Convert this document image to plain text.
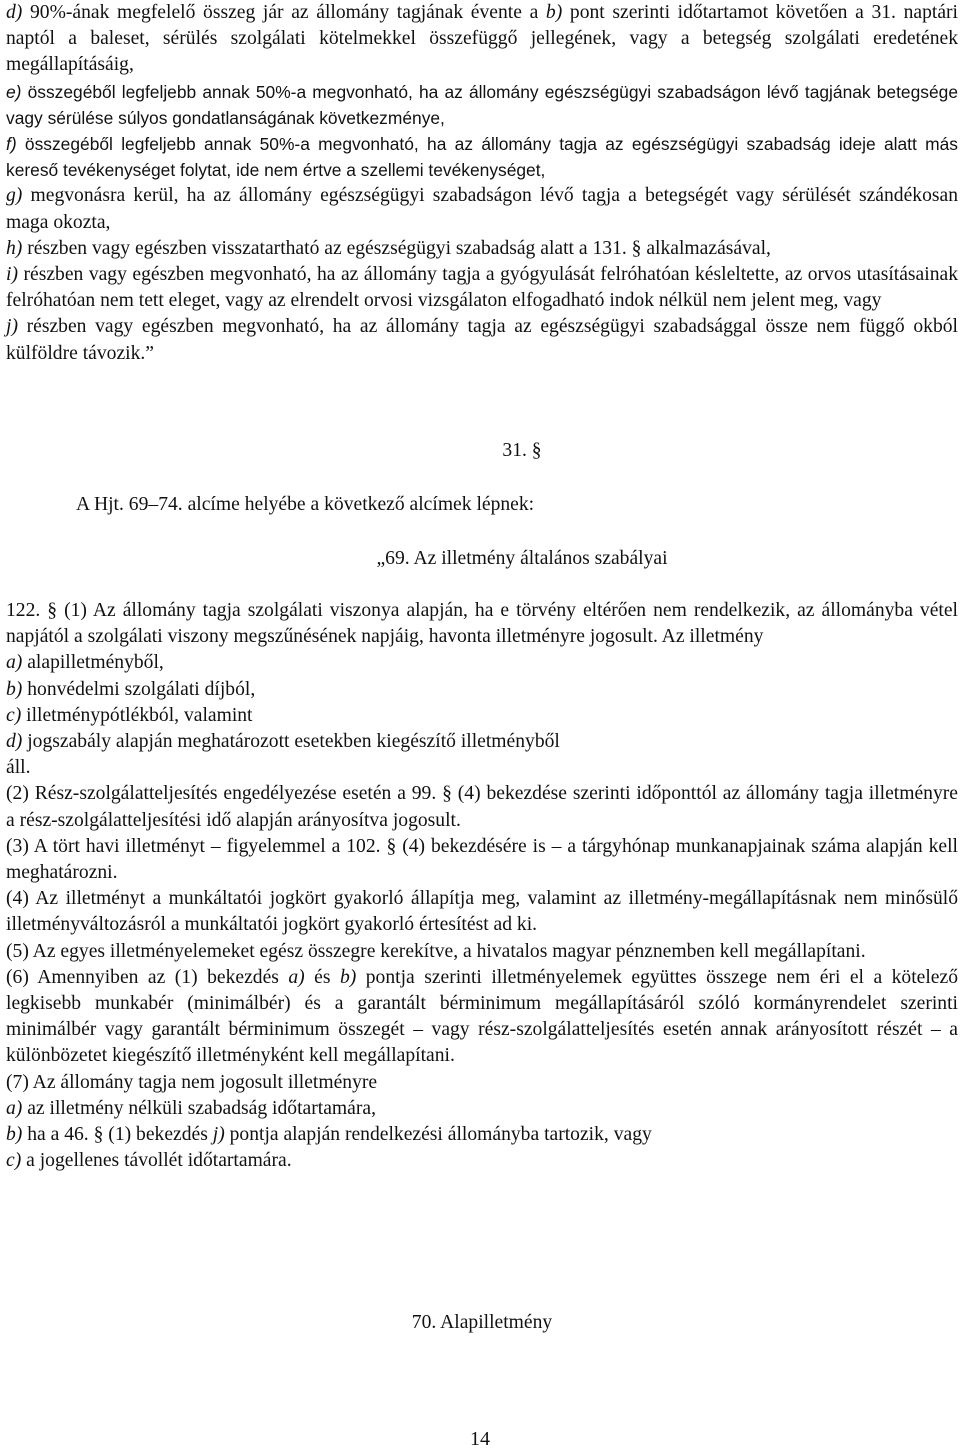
d) 90%-ának megfelelő összeg jár az állomány tagjának évente a b) pont szerinti időtartamot követően a 31. naptári naptól a baleset, sérülés szolgálati kötelmekkel összefüggő jellegének, vagy a betegség szolgálati eredetének megállapításáig,

e) összegéből legfeljebb annak 50%-a megvonható, ha az állomány egészségügyi szabadságon lévő tagjának betegsége vagy sérülése súlyos gondatlanságának következménye,

f) összegéből legfeljebb annak 50%-a megvonható, ha az állomány tagja az egészségügyi szabadság ideje alatt más kereső tevékenységet folytat, ide nem értve a szellemi tevékenységet,

g) megvonásra kerül, ha az állomány egészségügyi szabadságon lévő tagja a betegségét vagy sérülését szándékosan maga okozta,

h) részben vagy egészben visszatartható az egészségügyi szabadság alatt a 131. § alkalmazásával,

i) részben vagy egészben megvonható, ha az állomány tagja a gyógyulását felróhatóan késleltette, az orvos utasításainak felróhatóan nem tett eleget, vagy az elrendelt orvosi vizsgálaton elfogadható indok nélkül nem jelent meg, vagy

j) részben vagy egészben megvonható, ha az állomány tagja az egészségügyi szabadsággal össze nem függő okból külföldre távozik.”

31. §

A Hjt. 69–74. alcíme helyébe a következő alcímek lépnek:

„69. Az illetmény általános szabályai

122. § (1) Az állomány tagja szolgálati viszonya alapján, ha e törvény eltérően nem rendelkezik, az állományba vétel napjától a szolgálati viszony megszűnésének napjáig, havonta illetményre jogosult. Az illetmény

a) alapilletményből,

b) honvédelmi szolgálati díjból,

c) illetménypótlékból, valamint

d) jogszabály alapján meghatározott esetekben kiegészítő illetményből

áll.

(2) Rész-szolgálatteljesítés engedélyezése esetén a 99. § (4) bekezdése szerinti időponttól az állomány tagja illetményre a rész-szolgálatteljesítési idő alapján arányosítva jogosult.

(3) A tört havi illetményt – figyelemmel a 102. § (4) bekezdésére is – a tárgyhónap munkanapjainak száma alapján kell meghatározni.

(4) Az illetményt a munkáltatói jogkört gyakorló állapítja meg, valamint az illetmény-megállapításnak nem minősülő illetményváltozásról a munkáltatói jogkört gyakorló értesítést ad ki.

(5) Az egyes illetményelemeket egész összegre kerekítve, a hivatalos magyar pénznemben kell megállapítani.

(6) Amennyiben az (1) bekezdés a) és b) pontja szerinti illetményelemek együttes összege nem éri el a kötelező legkisebb munkabér (minimálbér) és a garantált bérminimum megállapításáról szóló kormányrendelet szerinti minimálbér vagy garantált bérminimum összegét – vagy rész-szolgálatteljesítés esetén annak arányosított részét – a különbözetet kiegészítő illetményként kell megállapítani.

(7) Az állomány tagja nem jogosult illetményre

a) az illetmény nélküli szabadság időtartamára,

b) ha a 46. § (1) bekezdés j) pontja alapján rendelkezési állományba tartozik, vagy

c) a jogellenes távollét időtartamára.

70. Alapilletmény

14
